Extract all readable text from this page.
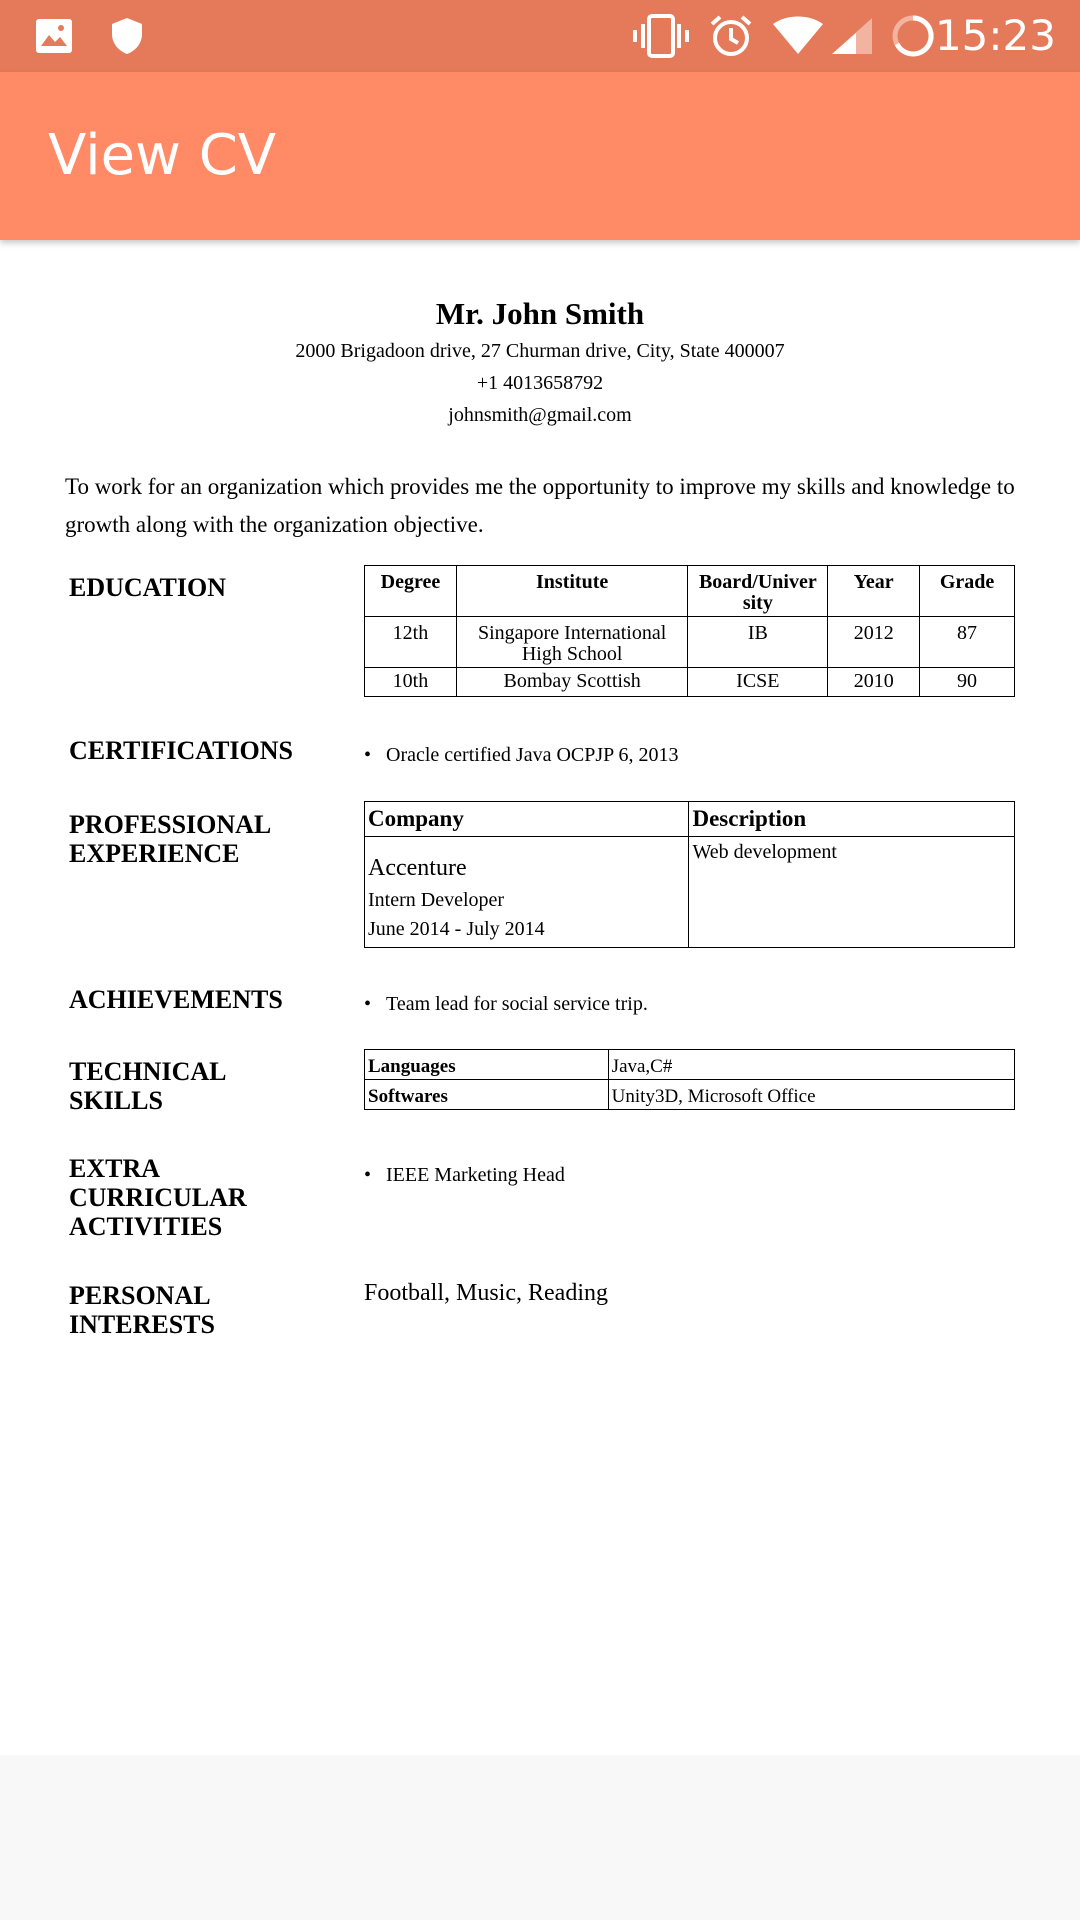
15:23
View CV
Mr. John Smith
2000 Brigadoon drive, 27 Churman drive, City, State 400007
+1 4013658792
johnsmith@gmail.com
To work for an organization which provides me the opportunity to improve my skills and knowledge to growth along with the organization objective.
EDUCATION	Degree	Institute	Board/Univer sity	Year	Grade
12th	Singapore International High School	IB	2012	87
10th	Bombay Scottish	ICSE	2010	90
CERTIFICATIONS	• Oracle certified Java OCPJP 6, 2013
PROFESSIONAL
EXPERIENCE
Company	Description

Accenture
Intern Developer
June 2014 - July 2014	Web development
ACHIEVEMENTS	• Team lead for social service trip.
TECHNICAL
SKILLS
Languages	Java,C#
Softwares	Unity3D, Microsoft Office
EXTRA
CURRICULAR
ACTIVITIES
• IEEE Marketing Head
PERSONAL
INTERESTS
Football, Music, Reading
